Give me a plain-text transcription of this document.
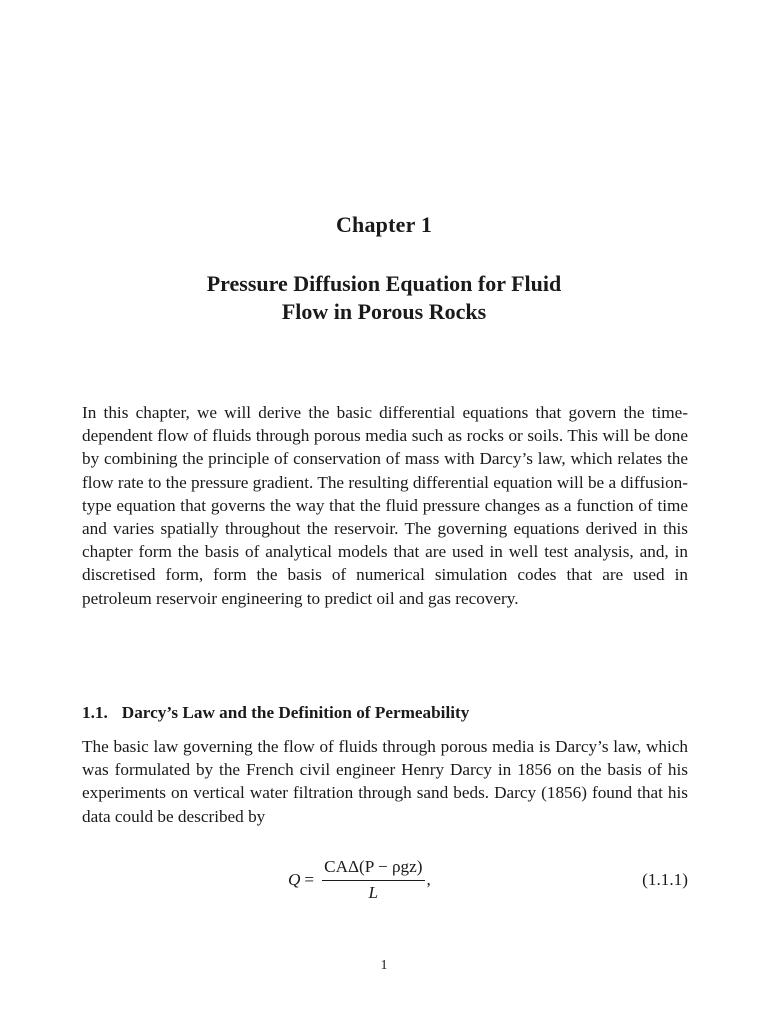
Chapter 1
Pressure Diffusion Equation for Fluid
Flow in Porous Rocks

In this chapter, we will derive the basic differential equations that govern the time-dependent flow of fluids through porous media such as rocks or soils. This will be done by combining the principle of conservation of mass with Darcy’s law, which relates the flow rate to the pressure gradient. The resulting differential equation will be a diffusion-type equation that governs the way that the fluid pressure changes as a function of time and varies spatially throughout the reservoir. The governing equations derived in this chapter form the basis of analytical models that are used in well test analysis, and, in discretised form, form the basis of numerical simulation codes that are used in petroleum reservoir engineering to predict oil and gas recovery.

1.1. Darcy’s Law and the Definition of Permeability

The basic law governing the flow of fluids through porous media is Darcy’s law, which was formulated by the French civil engineer Henry Darcy in 1856 on the basis of his experiments on vertical water filtration through sand beds. Darcy (1856) found that his data could be described by

$Q = \frac{\text{CAΔ(P − ρgz)}}{L}$ ,	(1.1.1)
1
